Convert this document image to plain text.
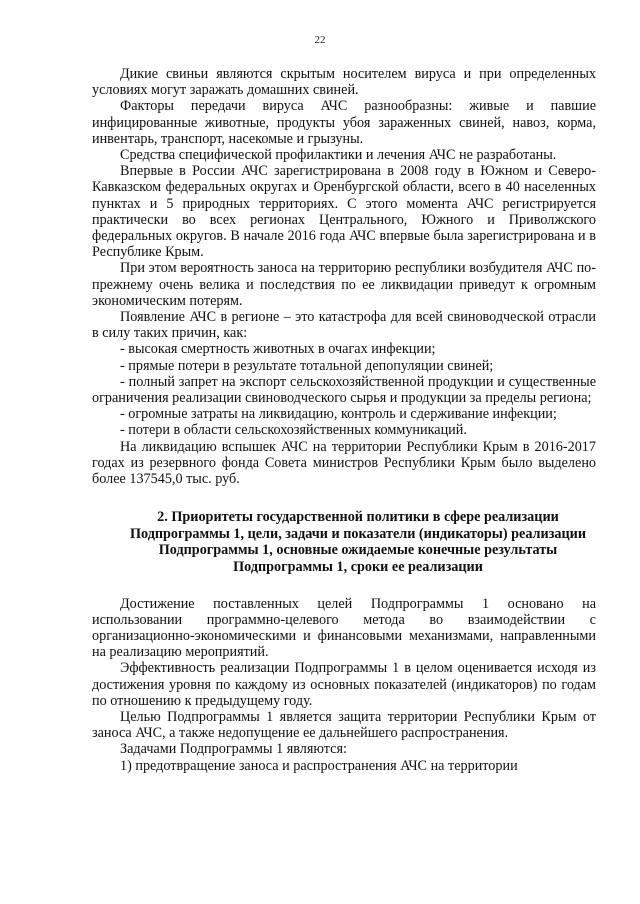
22

Дикие свиньи являются скрытым носителем вируса и при определенных условиях могут заражать домашних свиней.

Факторы передачи вируса АЧС разнообразны: живые и павшие инфицированные животные, продукты убоя зараженных свиней, навоз, корма, инвентарь, транспорт, насекомые и грызуны.

Средства специфической профилактики и лечения АЧС не разработаны.

Впервые в России АЧС зарегистрирована в 2008 году в Южном и Северо-Кавказском федеральных округах и Оренбургской области, всего в 40 населенных пунктах и 5 природных территориях. С этого момента АЧС регистрируется практически во всех регионах Центрального, Южного и Приволжского федеральных округов. В начале 2016 года АЧС впервые была зарегистрирована и в Республике Крым.

При этом вероятность заноса на территорию республики возбудителя АЧС по-прежнему очень велика и последствия по ее ликвидации приведут к огромным экономическим потерям.

Появление АЧС в регионе – это катастрофа для всей свиноводческой отрасли в силу таких причин, как:

- высокая смертность животных в очагах инфекции;

- прямые потери в результате тотальной депопуляции свиней;

- полный запрет на экспорт сельскохозяйственной продукции и существенные ограничения реализации свиноводческого сырья и продукции за пределы региона;

- огромные затраты на ликвидацию, контроль и сдерживание инфекции;

- потери в области сельскохозяйственных коммуникаций.

На ликвидацию вспышек АЧС на территории Республики Крым в 2016-2017 годах из резервного фонда Совета министров Республики Крым было выделено более 137545,0 тыс. руб.

2. Приоритеты государственной политики в сфере реализации Подпрограммы 1, цели, задачи и показатели (индикаторы) реализации Подпрограммы 1, основные ожидаемые конечные результаты Подпрограммы 1, сроки ее реализации

Достижение поставленных целей Подпрограммы 1 основано на использовании программно-целевого метода во взаимодействии с организационно-экономическими и финансовыми механизмами, направленными на реализацию мероприятий.

Эффективность реализации Подпрограммы 1 в целом оценивается исходя из достижения уровня по каждому из основных показателей (индикаторов) по годам по отношению к предыдущему году.

Целью Подпрограммы 1 является защита территории Республики Крым от заноса АЧС, а также недопущение ее дальнейшего распространения.

Задачами Подпрограммы 1 являются:

1) предотвращение заноса и распространения АЧС на территории
